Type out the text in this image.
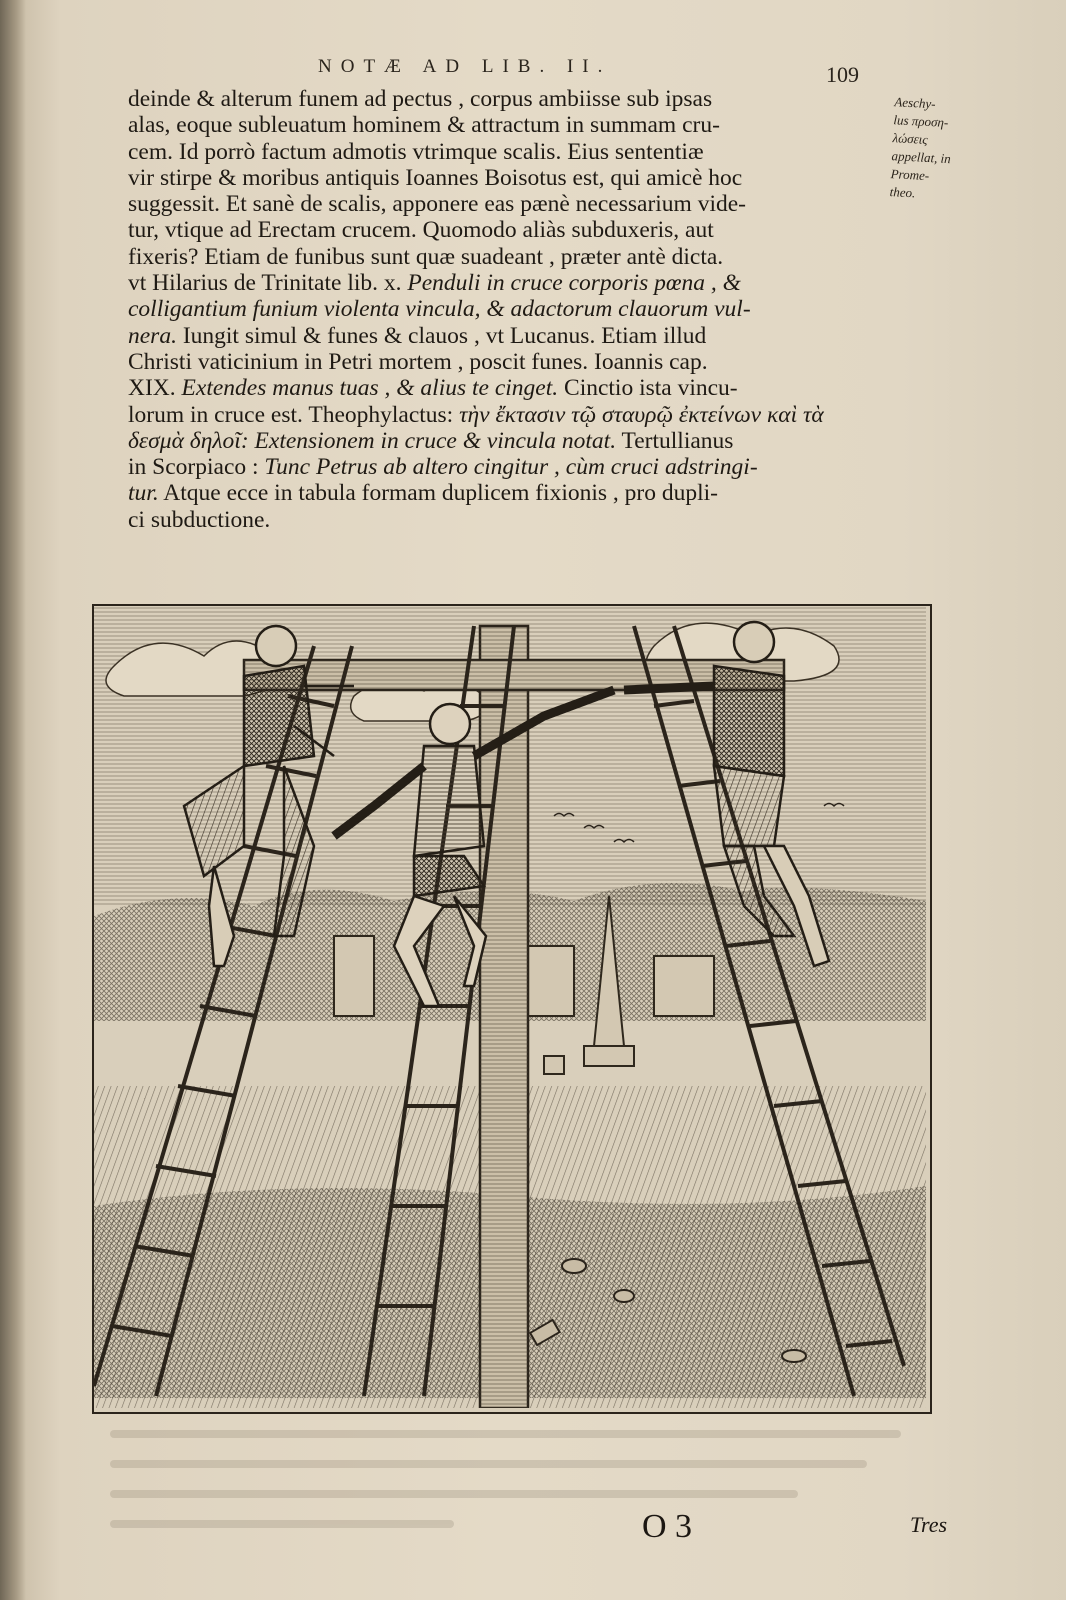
NOTÆ AD LIB. II.	109
deinde & alterum funem ad pectus , corpus ambiisse sub ipsas
alas, eoque subleuatum hominem & attractum in summam cru-
cem. Id porrò factum admotis vtrimque scalis. Eius sententiæ
vir stirpe & moribus antiquis Ioannes Boisotus est, qui amicè hoc
suggessit. Et sanè de scalis, apponere eas pænè necessarium vide-
tur, vtique ad Erectam crucem. Quomodo aliàs subduxeris, aut
fixeris? Etiam de funibus sunt quæ suadeant , præter antè dicta.
vt Hilarius de Trinitate lib. x. Penduli in cruce corporis pœna , &
colligantium funium violenta vincula, & adactorum clauorum vul-
nera. Iungit simul & funes & clauos , vt Lucanus. Etiam illud
Christi vaticinium in Petri mortem , poscit funes. Ioannis cap.
XIX. Extendes manus tuas , & alius te cinget. Cinctio ista vincu-
lorum in cruce est. Theophylactus: τὴν ἔκτασιν τῷ σταυρῷ ἐκτείνων καὶ τὰ
δεσμὰ δηλοῖ: Extensionem in cruce & vincula notat. Tertullianus
in Scorpiaco : Tunc Petrus ab altero cingitur , cùm cruci adstringi-
tur. Atque ecce in tabula formam duplicem fixionis , pro dupli-
ci subductione.
Aeschy-
lus προση-
λώσεις
appellat, in
Prome-
theo.
O 3	Tres
